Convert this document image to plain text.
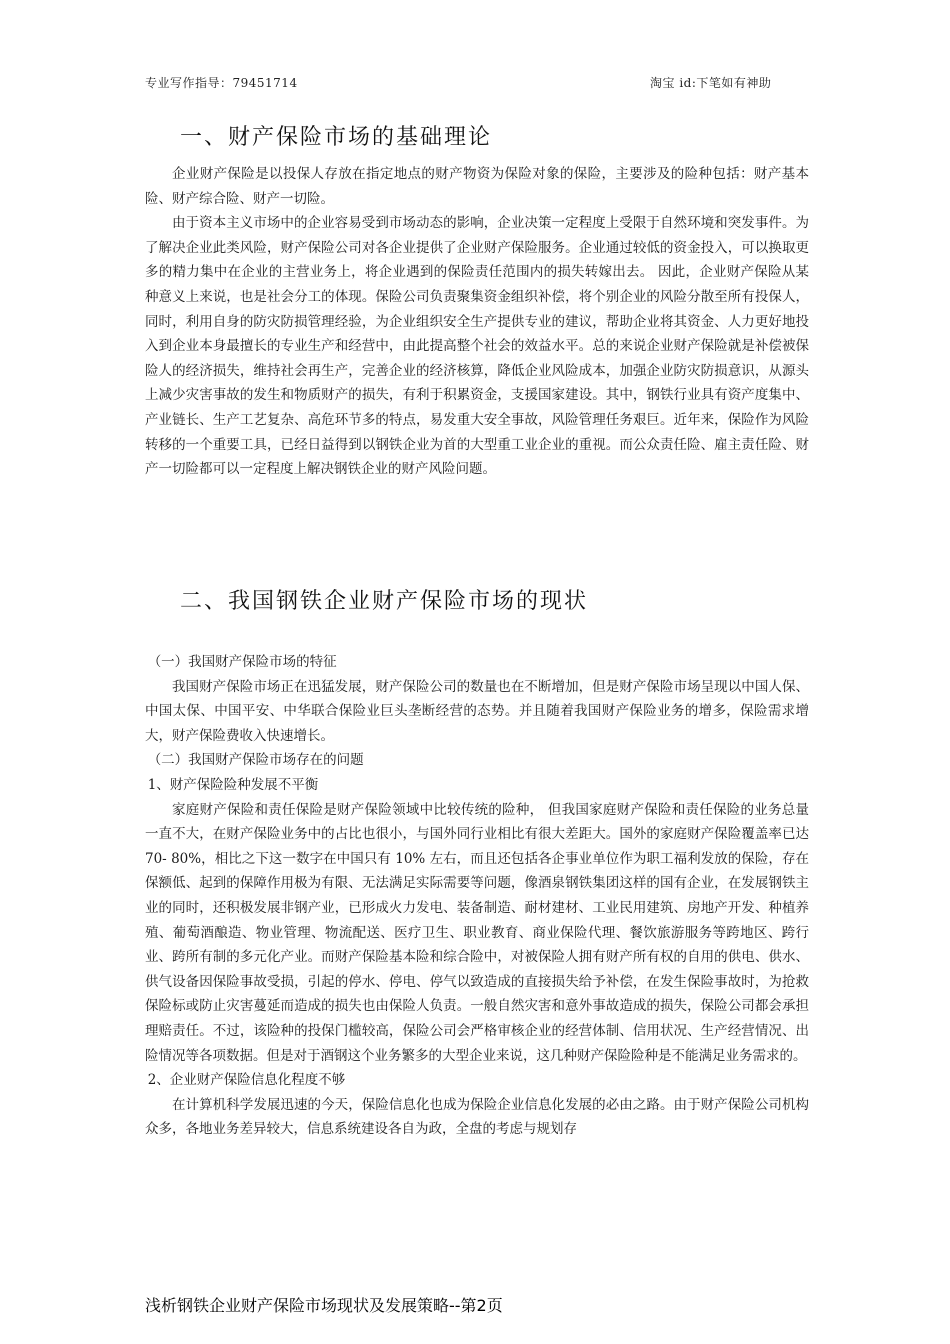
专业写作指导：79451714	淘宝 id:下笔如有神助
一、财产保险市场的基础理论

企业财产保险是以投保人存放在指定地点的财产物资为保险对象的保险，主要涉及的险种包括：财产基本险、财产综合险、财产一切险。

由于资本主义市场中的企业容易受到市场动态的影响，企业决策一定程度上受限于自然环境和突发事件。为了解决企业此类风险，财产保险公司对各企业提供了企业财产保险服务。企业通过较低的资金投入，可以换取更多的精力集中在企业的主营业务上，将企业遇到的保险责任范围内的损失转嫁出去。 因此，企业财产保险从某种意义上来说，也是社会分工的体现。保险公司负责聚集资金组织补偿，将个别企业的风险分散至所有投保人，同时，利用自身的防灾防损管理经验，为企业组织安全生产提供专业的建议，帮助企业将其资金、人力更好地投入到企业本身最擅长的专业生产和经营中，由此提高整个社会的效益水平。总的来说企业财产保险就是补偿被保险人的经济损失，维持社会再生产，完善企业的经济核算，降低企业风险成本，加强企业防灾防损意识，从源头上减少灾害事故的发生和物质财产的损失，有利于积累资金，支援国家建设。其中，钢铁行业具有资产度集中、产业链长、生产工艺复杂、高危环节多的特点，易发重大安全事故，风险管理任务艰巨。近年来，保险作为风险转移的一个重要工具，已经日益得到以钢铁企业为首的大型重工业企业的重视。而公众责任险、雇主责任险、财产一切险都可以一定程度上解决钢铁企业的财产风险问题。

二、我国钢铁企业财产保险市场的现状

（一）我国财产保险市场的特征

我国财产保险市场正在迅猛发展，财产保险公司的数量也在不断增加，但是财产保险市场呈现以中国人保、中国太保、中国平安、中华联合保险业巨头垄断经营的态势。并且随着我国财产保险业务的增多，保险需求增大，财产保险费收入快速增长。

（二）我国财产保险市场存在的问题

1、财产保险险种发展不平衡

家庭财产保险和责任保险是财产保险领域中比较传统的险种， 但我国家庭财产保险和责任保险的业务总量一直不大，在财产保险业务中的占比也很小，与国外同行业相比有很大差距大。国外的家庭财产保险覆盖率已达 70- 80%，相比之下这一数字在中国只有 10% 左右，而且还包括各企事业单位作为职工福利发放的保险，存在保额低、起到的保障作用极为有限、无法满足实际需要等问题，像酒泉钢铁集团这样的国有企业，在发展钢铁主业的同时，还积极发展非钢产业，已形成火力发电、装备制造、耐材建材、工业民用建筑、房地产开发、种植养殖、葡萄酒酿造、物业管理、物流配送、医疗卫生、职业教育、商业保险代理、餐饮旅游服务等跨地区、跨行业、跨所有制的多元化产业。而财产保险基本险和综合险中，对被保险人拥有财产所有权的自用的供电、供水、供气设备因保险事故受损，引起的停水、停电、停气以致造成的直接损失给予补偿，在发生保险事故时，为抢救保险标或防止灾害蔓延而造成的损失也由保险人负责。一般自然灾害和意外事故造成的损失，保险公司都会承担理赔责任。不过，该险种的投保门槛较高，保险公司会严格审核企业的经营体制、信用状况、生产经营情况、出险情况等各项数据。但是对于酒钢这个业务繁多的大型企业来说，这几种财产保险险种是不能满足业务需求的。

2、企业财产保险信息化程度不够

在计算机科学发展迅速的今天，保险信息化也成为保险企业信息化发展的必由之路。由于财产保险公司机构众多，各地业务差异较大，信息系统建设各自为政，全盘的考虑与规划存

浅析钢铁企业财产保险市场现状及发展策略--第2页
